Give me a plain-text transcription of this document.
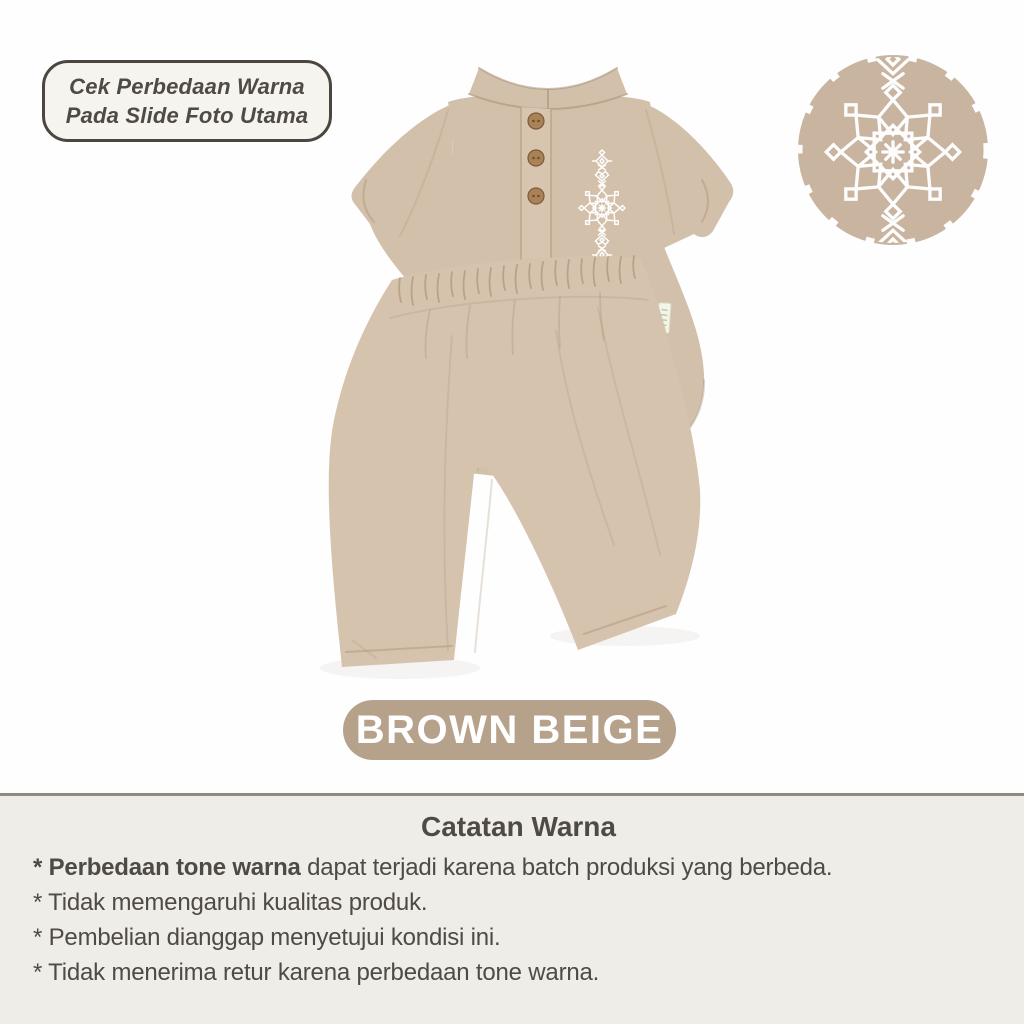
Cek Perbedaan Warna
Pada Slide Foto Utama
BROWN BEIGE
Catatan Warna
* Perbedaan tone warna dapat terjadi karena batch produksi yang berbeda.
* Tidak memengaruhi kualitas produk.
* Pembelian dianggap menyetujui kondisi ini.
* Tidak menerima retur karena perbedaan tone warna.
